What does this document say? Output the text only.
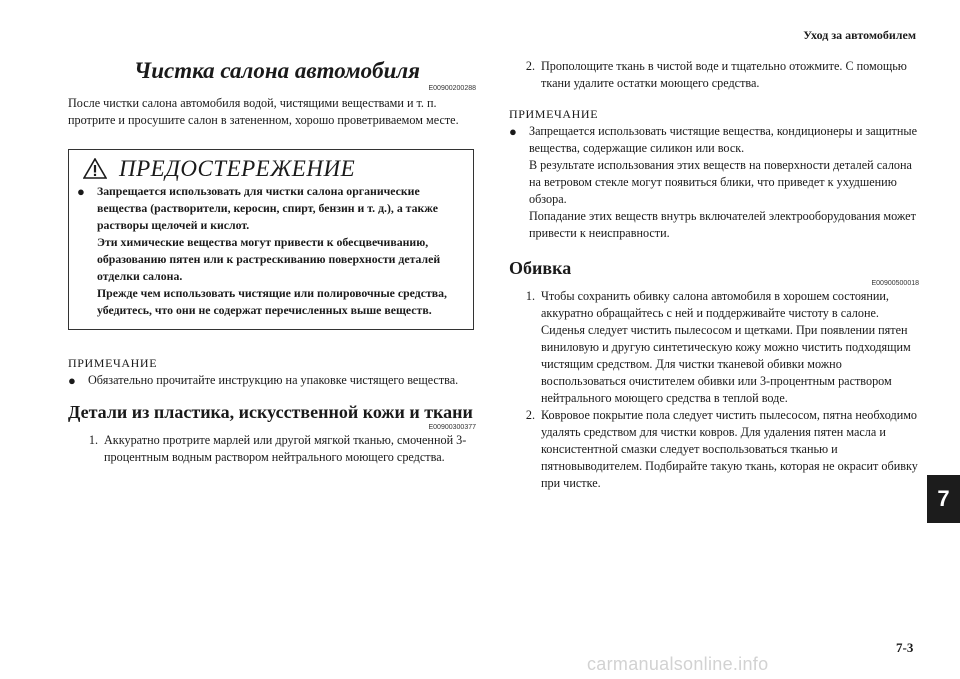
Уход за автомобилем
7
7-3
carmanualsonline.info
Чистка салона автомобиля
E00900200288

После чистки салона автомобиля водой, чистящими веществами и т. п. протрите и просушите салон в затененном, хорошо проветриваемом месте.

ПРЕДОСТЕРЕЖЕНИЕ
●	Запрещается использовать для чистки салона органические вещества (растворители, керосин, спирт, бензин и т. д.), а также растворы щелочей и кислот.

Эти химические вещества могут привести к обесцвечиванию, образованию пятен или к растрескиванию поверхности деталей отделки салона.

Прежде чем использовать чистящие или полировочные средства, убедитесь, что они не содержат перечисленных выше веществ.

ПРИМЕЧАНИЕ
● Обязательно прочитайте инструкцию на упаковке чистящего вещества.

Детали из пластика, искусственной кожи и ткани
E00900300377
1. Аккуратно протрите марлей или другой мягкой тканью, смоченной 3-процентным водным раствором нейтрального моющего средства.

2. Прополощите ткань в чистой воде и тщательно отожмите. С помощью ткани удалите остатки моющего средства.

ПРИМЕЧАНИЕ
● Запрещается использовать чистящие вещества, кондиционеры и защитные вещества, содержащие силикон или воск.

В результате использования этих веществ на поверхности деталей салона на ветровом стекле могут появиться блики, что приведет к ухудшению обзора.

Попадание этих веществ внутрь включателей электрооборудования может привести к неисправности.

Обивка
E00900500018
1. Чтобы сохранить обивку салона автомобиля в хорошем состоянии, аккуратно обращайтесь с ней и поддерживайте чистоту в салоне.

Сиденья следует чистить пылесосом и щетками. При появлении пятен виниловую и другую синтетическую кожу можно чистить подходящим чистящим средством. Для чистки тканевой обивки можно воспользоваться очистителем обивки или 3-процентным раствором нейтрального моющего средства в теплой воде.

2. Ковровое покрытие пола следует чистить пылесосом, пятна необходимо удалять средством для чистки ковров. Для удаления пятен масла и консистентной смазки следует воспользоваться тканью и пятновыводителем. Подбирайте такую ткань, которая не окрасит обивку при чистке.
